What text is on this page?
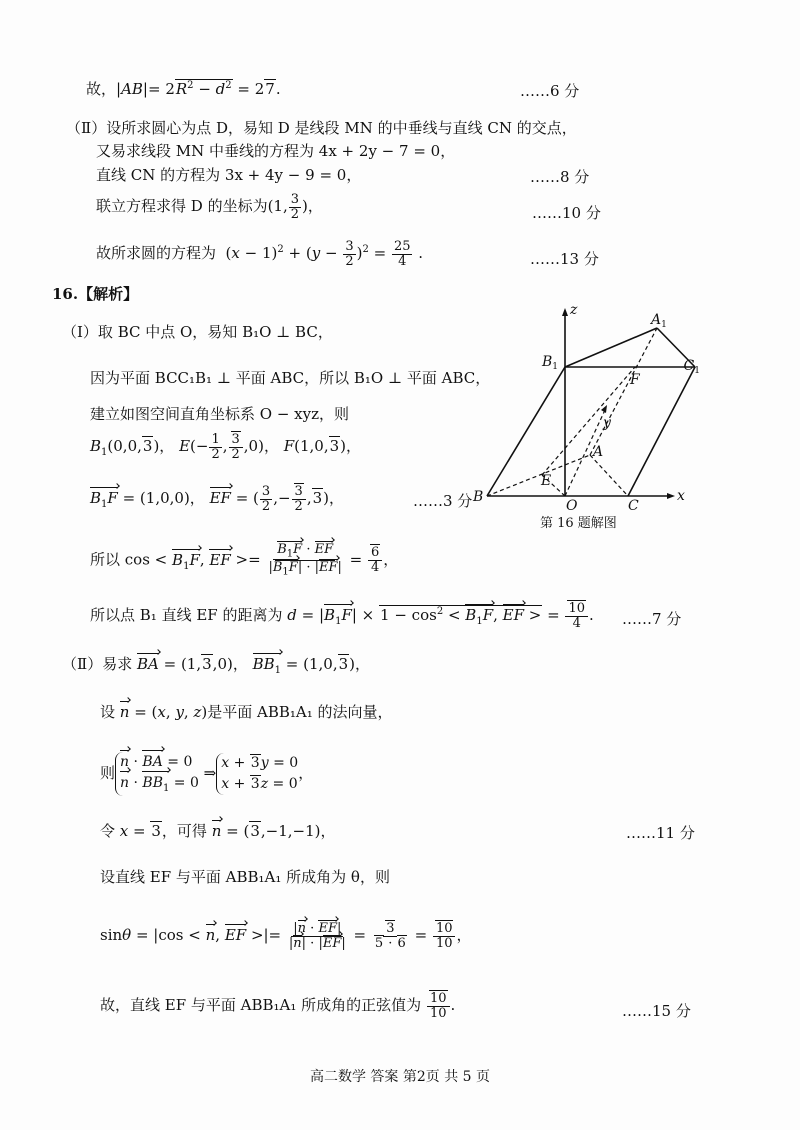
故，$|AB|= 2R^2 - d^2 = 27$.	……6 分
（Ⅱ）设所求圆心为点 D，易知 D 是线段 MN 的中垂线与直线 CN 的交点，
又易求线段 MN 中垂线的方程为 4x + 2y − 7 = 0，
直线 CN 的方程为 3x + 4y − 9 = 0，	……8 分
联立方程求得 D 的坐标为(1, $\frac{3}{2}$ )，	……10 分
故所求圆的方程为  $(x - 1)^2 + (y - \frac{3}{2} )^2 = \frac{25}{4}$ .	……13 分
16.【解析】
（Ⅰ）取 BC 中点 O，易知 B₁O ⊥ BC，
因为平面 BCC₁B₁ ⊥ 平面 ABC，所以 B₁O ⊥ 平面 ABC，
建立如图空间直角坐标系 O − xyz，则
$B_1(0,0,3)$， $E(- \frac{1}{2}$ , $\frac{3}{2} ,0$)， F(1,0,3)，
$B_1F = (1,0,0)$， EF = ( $\frac{3}{2}$ ,− $\frac{3}{2} ,3$)，	……3 分
所以 $\cos < B_1F$, EF >= $\frac{B_1F \cdot EF}{|B_1F| \cdot |EF|} = \frac{6}{4}$ ，
所以点 B₁ 直线 EF 的距离为 $d = |B_1F| \times 1 - \cos^2 < B_1F$, EF > = $\frac{10}{4}$ . ……7 分
（Ⅱ）易求 BA = (1,3,0)， $BB_1 = (1,0,3)$，
设 n = (x, y, z)是平面 ABB₁A₁ 的法向量，
则
n · BA = 0
$n \cdot BB_1 = 0$
⇒
x + 3y = 0
x + 3z = 0
，
令 x = 3，可得 n = (3,−1,−1)，	……11 分
设直线 EF 与平面 ABB₁A₁ 所成角为 θ，则
sinθ = |cos < n, EF >|= $\frac{|n \cdot EF|}{|n| \cdot |EF|} = \frac{3}{5 \cdot 6} = \frac{10}{10}$ ，
故，直线 EF 与平面 ABB₁A₁ 所成角的正弦值为 $\frac{10}{10}$ .	……15 分
z
$A_1$
$B_1$	$C_1$
F
y
A
E
B
O	C
x
第 16 题解图
高二数学 答案 第2页 共 5 页
